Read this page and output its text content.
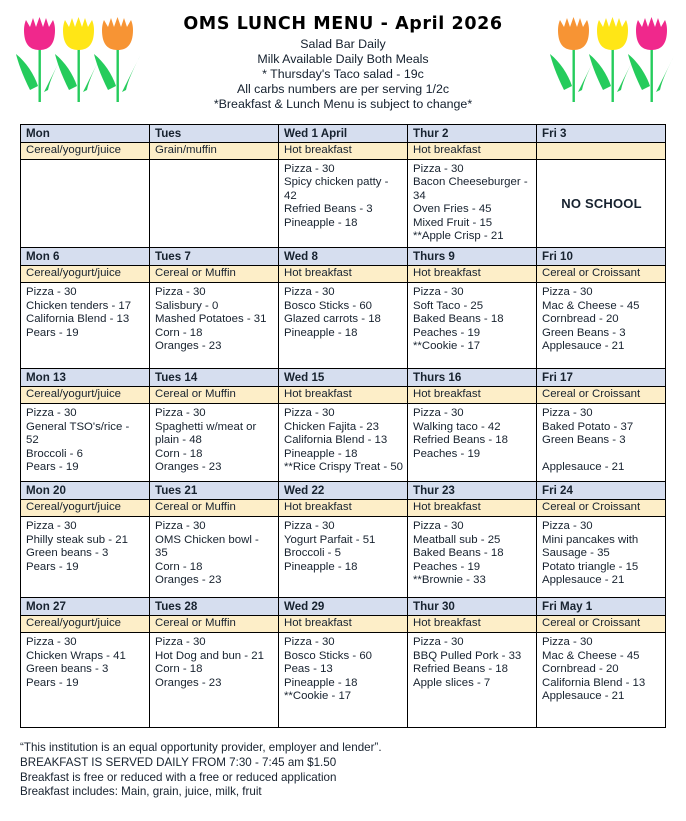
OMS LUNCH MENU - April 2026
Salad Bar Daily
Milk Available Daily Both Meals
* Thursday's Taco salad - 19c
All carbs numbers are per serving 1/2c
*Breakfast & Lunch Menu is subject to change*
Mon	Tues	Wed 1 April	Thur 2	Fri 3
Cereal/yogurt/juice	Grain/muffin	Hot breakfast	Hot breakfast	

		Pizza - 30
Spicy chicken patty - 42
Refried Beans - 3
Pineapple - 18	Pizza - 30
Bacon Cheeseburger - 34
Oven Fries - 45
Mixed Fruit - 15
**Apple Crisp - 21	NO SCHOOL

Mon 6	Tues 7	Wed 8	Thurs 9	Fri 10
Cereal/yogurt/juice	Cereal or Muffin	Hot breakfast	Hot breakfast	Cereal or Croissant

Pizza - 30
Chicken tenders - 17
California Blend - 13
Pears - 19	Pizza - 30
Salisbury - 0
Mashed Potatoes - 31
Corn - 18
Oranges - 23	Pizza - 30
Bosco Sticks - 60
Glazed carrots - 18
Pineapple - 18	Pizza - 30
Soft Taco - 25
Baked Beans - 18
Peaches - 19
**Cookie - 17	Pizza - 30
Mac & Cheese - 45
Cornbread - 20
Green Beans - 3
Applesauce - 21

Mon 13	Tues 14	Wed 15	Thurs 16	Fri 17
Cereal/yogurt/juice	Cereal or Muffin	Hot breakfast	Hot breakfast	Cereal or Croissant

Pizza - 30
General TSO's/rice - 52
Broccoli - 6
Pears - 19	Pizza - 30
Spaghetti w/meat or plain - 48
Corn - 18
Oranges - 23	Pizza - 30
Chicken Fajita - 23
California Blend - 13
Pineapple - 18
**Rice Crispy Treat - 50	Pizza - 30
Walking taco - 42
Refried Beans - 18
Peaches - 19	Pizza - 30
Baked Potato - 37
Green Beans - 3
Applesauce - 21

Mon 20	Tues 21	Wed 22	Thur 23	Fri 24
Cereal/yogurt/juice	Cereal or Muffin	Hot breakfast	Hot breakfast	Cereal or Croissant

Pizza - 30
Philly steak sub - 21
Green beans - 3
Pears - 19	Pizza - 30
OMS Chicken bowl - 35
Corn - 18
Oranges - 23	Pizza - 30
Yogurt Parfait - 51
Broccoli - 5
Pineapple - 18	Pizza - 30
Meatball sub - 25
Baked Beans - 18
Peaches - 19
**Brownie - 33	Pizza - 30
Mini pancakes with Sausage - 35
Potato triangle - 15
Applesauce - 21

Mon 27	Tues 28	Wed 29	Thur 30	Fri May 1
Cereal/yogurt/juice	Cereal or Muffin	Hot breakfast	Hot breakfast	Cereal or Croissant

Pizza - 30
Chicken Wraps - 41
Green beans - 3
Pears - 19	Pizza - 30
Hot Dog and bun - 21
Corn - 18
Oranges - 23	Pizza - 30
Bosco Sticks - 60
Peas - 13
Pineapple - 18
**Cookie - 17	Pizza - 30
BBQ Pulled Pork - 33
Refried Beans - 18
Apple slices - 7	Pizza - 30
Mac & Cheese - 45
Cornbread - 20
California Blend - 13
Applesauce - 21
“This institution is an equal opportunity provider, employer and lender”.
BREAKFAST IS SERVED DAILY FROM 7:30 - 7:45 am $1.50
Breakfast is free or reduced with a free or reduced application
Breakfast includes: Main, grain, juice, milk, fruit
